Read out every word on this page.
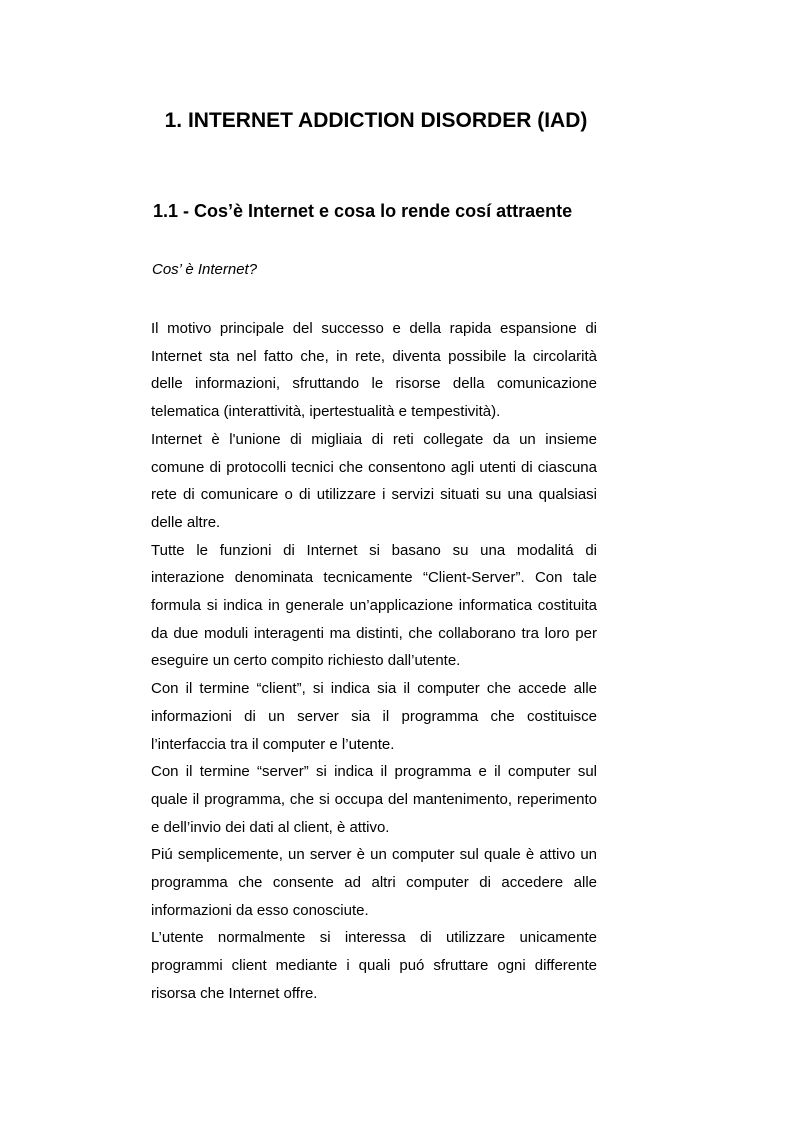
1. INTERNET ADDICTION DISORDER (IAD)
1.1 - Cos’è Internet e cosa lo rende cosí attraente
Cos’ è Internet?

Il motivo principale del successo e della rapida espansione di Internet sta nel fatto che, in rete, diventa possibile la circolarità delle informazioni, sfruttando le risorse della comunicazione telematica (interattività, ipertestualità e tempestività).

Internet è l'unione di migliaia di reti collegate da un insieme comune di protocolli tecnici che consentono agli utenti di ciascuna rete di comunicare o di utilizzare i servizi situati su una qualsiasi delle altre.

Tutte le funzioni di Internet si basano su una modalitá di interazione denominata tecnicamente “Client-Server”. Con tale formula si indica in generale un’applicazione informatica costituita da due moduli interagenti ma distinti, che collaborano tra loro per eseguire un certo compito richiesto dall’utente.

Con il termine “client”, si indica sia il computer che accede alle informazioni di un server sia il programma che costituisce l’interfaccia tra il computer e l’utente.

Con il termine “server” si indica il programma e il computer sul quale il programma, che si occupa del mantenimento, reperimento e dell’invio dei dati al client, è attivo.

Piú semplicemente, un server è un computer sul quale è attivo un programma che consente ad altri computer di accedere alle informazioni da esso conosciute.

L’utente normalmente si interessa di utilizzare unicamente programmi client mediante i quali puó sfruttare ogni differente risorsa che Internet offre.
